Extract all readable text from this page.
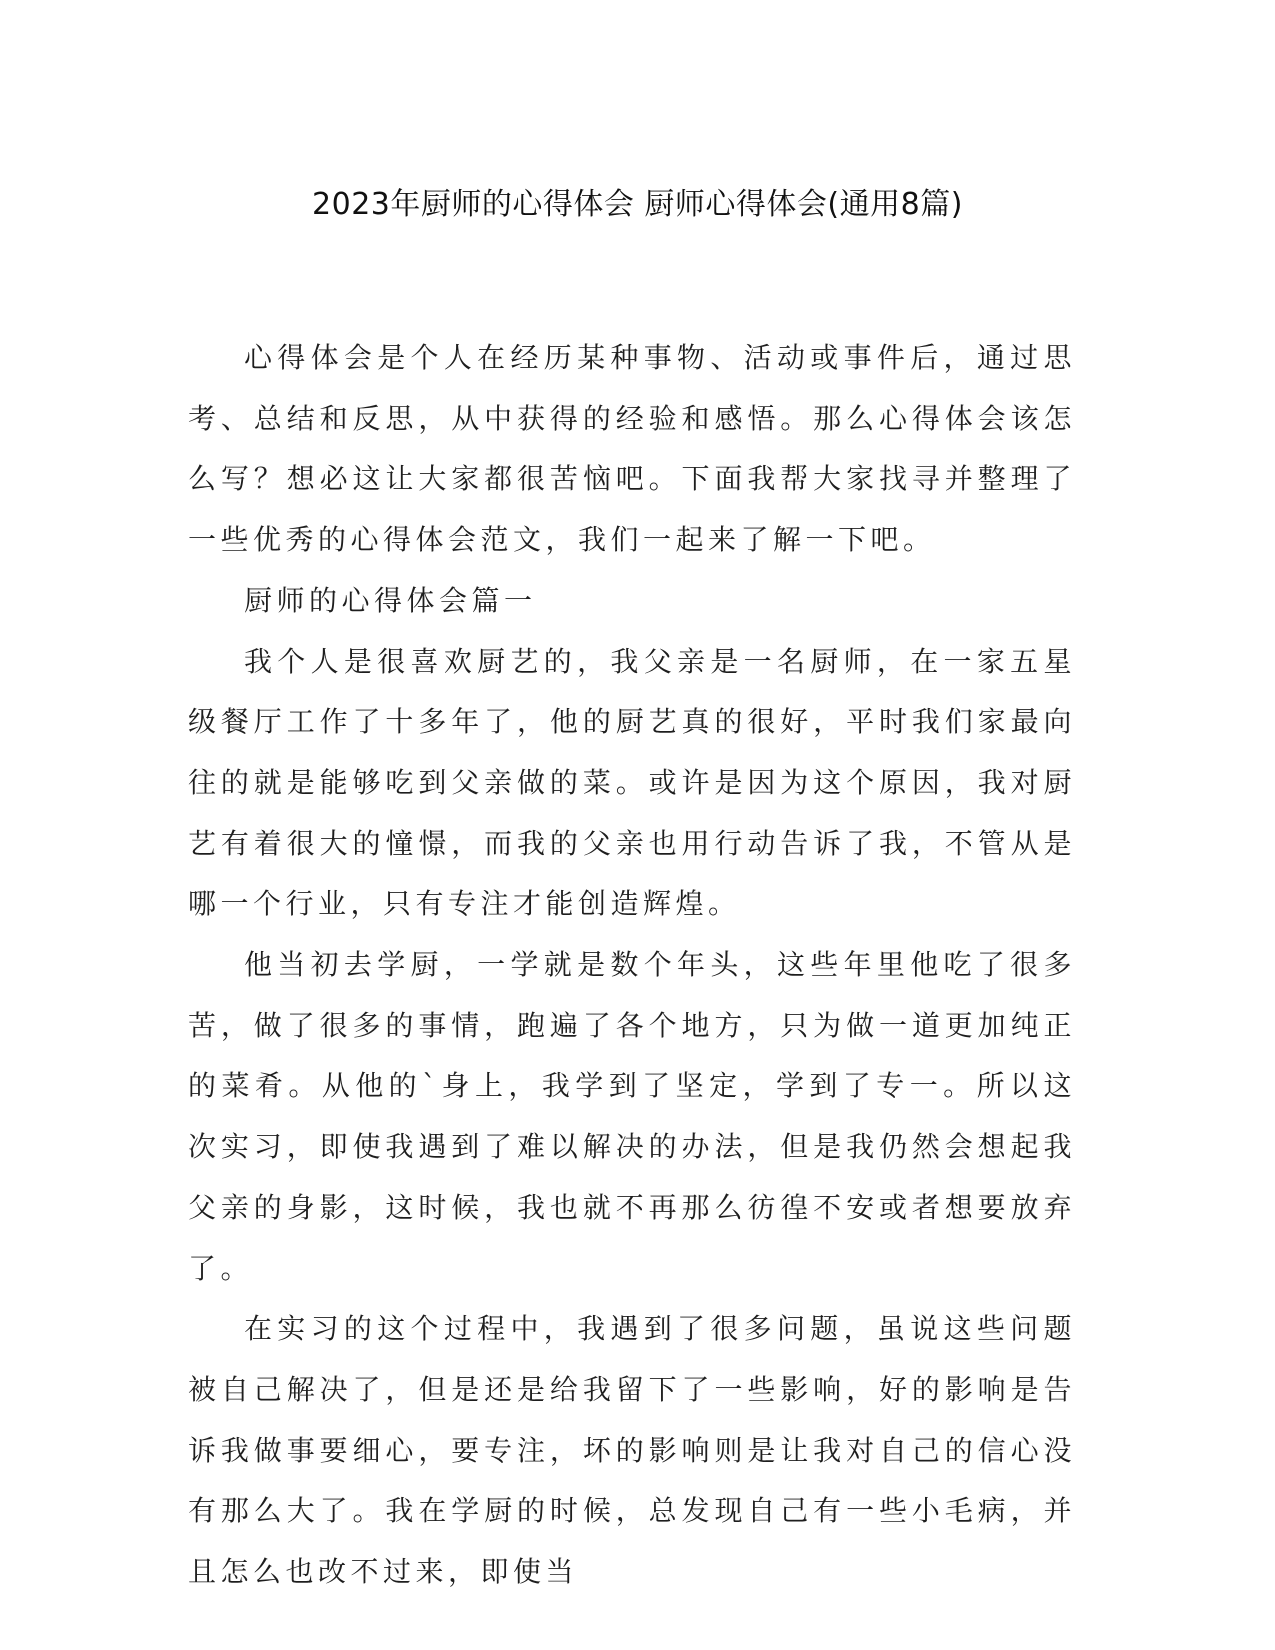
2023年厨师的心得体会 厨师心得体会(通用8篇)

心得体会是个人在经历某种事物、活动或事件后，通过思考、总结和反思，从中获得的经验和感悟。那么心得体会该怎么写？想必这让大家都很苦恼吧。下面我帮大家找寻并整理了一些优秀的心得体会范文，我们一起来了解一下吧。

厨师的心得体会篇一

我个人是很喜欢厨艺的，我父亲是一名厨师，在一家五星级餐厅工作了十多年了，他的厨艺真的很好，平时我们家最向往的就是能够吃到父亲做的菜。或许是因为这个原因，我对厨艺有着很大的憧憬，而我的父亲也用行动告诉了我，不管从是哪一个行业，只有专注才能创造辉煌。

他当初去学厨，一学就是数个年头，这些年里他吃了很多苦，做了很多的事情，跑遍了各个地方，只为做一道更加纯正的菜肴。从他的`身上，我学到了坚定，学到了专一。所以这次实习，即使我遇到了难以解决的办法，但是我仍然会想起我父亲的身影，这时候，我也就不再那么彷徨不安或者想要放弃了。

在实习的这个过程中，我遇到了很多问题，虽说这些问题被自己解决了，但是还是给我留下了一些影响，好的影响是告诉我做事要细心，要专注，坏的影响则是让我对自己的信心没有那么大了。我在学厨的时候，总发现自己有一些小毛病，并且怎么也改不过来，即使当
